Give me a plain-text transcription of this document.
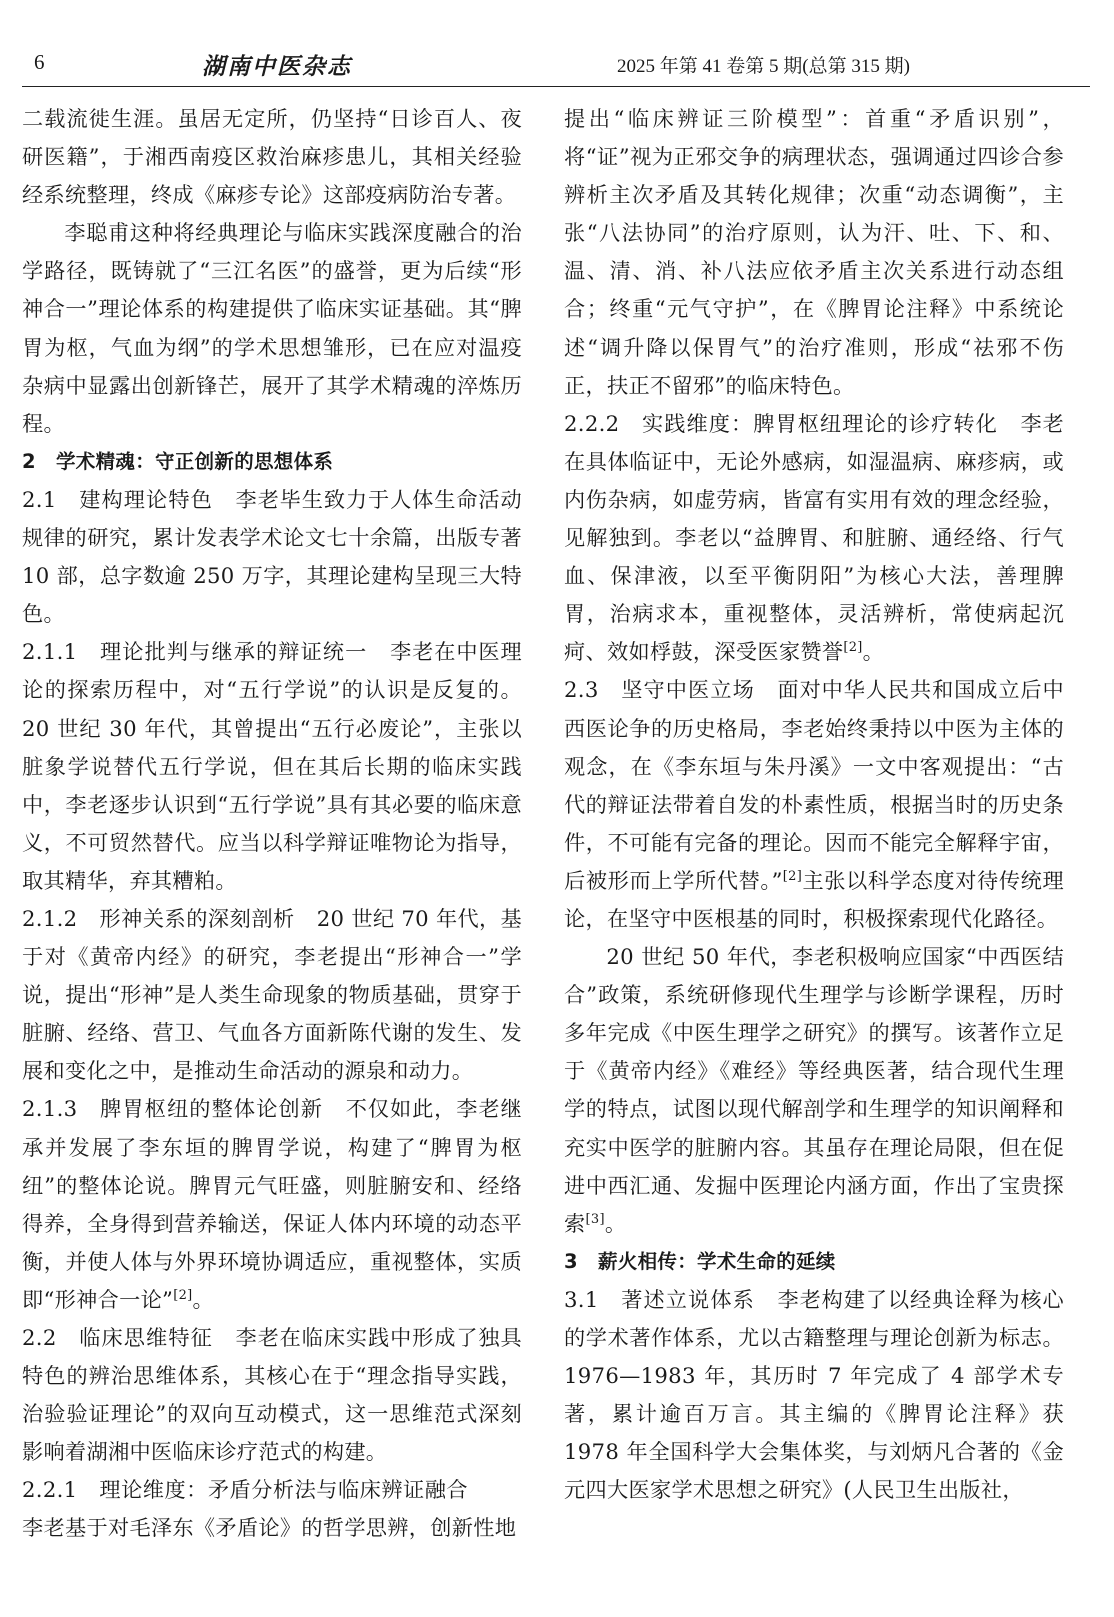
6	湖南中医杂志	2025 年第 41 卷第 5 期(总第 315 期)

二载流徙生涯。虽居无定所，仍坚持“日诊百人、夜研医籍”，于湘西南疫区救治麻疹患儿，其相关经验经系统整理，终成《麻疹专论》这部疫病防治专著。

李聪甫这种将经典理论与临床实践深度融合的治学路径，既铸就了“三江名医”的盛誉，更为后续“形神合一”理论体系的构建提供了临床实证基础。其“脾胃为枢，气血为纲”的学术思想雏形，已在应对温疫杂病中显露出创新锋芒，展开了其学术精魂的淬炼历程。

2 学术精魂：守正创新的思想体系

2.1 建构理论特色 李老毕生致力于人体生命活动规律的研究，累计发表学术论文七十余篇，出版专著 10 部，总字数逾 250 万字，其理论建构呈现三大特色。

2.1.1 理论批判与继承的辩证统一 李老在中医理论的探索历程中，对“五行学说”的认识是反复的。20 世纪 30 年代，其曾提出“五行必废论”，主张以脏象学说替代五行学说，但在其后长期的临床实践中，李老逐步认识到“五行学说”具有其必要的临床意义，不可贸然替代。应当以科学辩证唯物论为指导，取其精华，弃其糟粕。

2.1.2 形神关系的深刻剖析 20 世纪 70 年代，基于对《黄帝内经》的研究，李老提出“形神合一”学说，提出“形神”是人类生命现象的物质基础，贯穿于脏腑、经络、营卫、气血各方面新陈代谢的发生、发展和变化之中，是推动生命活动的源泉和动力。

2.1.3 脾胃枢纽的整体论创新 不仅如此，李老继承并发展了李东垣的脾胃学说，构建了“脾胃为枢纽”的整体论说。脾胃元气旺盛，则脏腑安和、经络得养，全身得到营养输送，保证人体内环境的动态平衡，并使人体与外界环境协调适应，重视整体，实质即“形神合一论”[2]。

2.2 临床思维特征 李老在临床实践中形成了独具特色的辨治思维体系，其核心在于“理念指导实践，治验验证理论”的双向互动模式，这一思维范式深刻影响着湖湘中医临床诊疗范式的构建。

2.2.1 理论维度：矛盾分析法与临床辨证融合

李老基于对毛泽东《矛盾论》的哲学思辨，创新性地

提出“临床辨证三阶模型”：首重“矛盾识别”，将“证”视为正邪交争的病理状态，强调通过四诊合参辨析主次矛盾及其转化规律；次重“动态调衡”，主张“八法协同”的治疗原则，认为汗、吐、下、和、温、清、消、补八法应依矛盾主次关系进行动态组合；终重“元气守护”，在《脾胃论注释》中系统论述“调升降以保胃气”的治疗准则，形成“祛邪不伤正，扶正不留邪”的临床特色。

2.2.2 实践维度：脾胃枢纽理论的诊疗转化 李老在具体临证中，无论外感病，如湿温病、麻疹病，或内伤杂病，如虚劳病，皆富有实用有效的理念经验，见解独到。李老以“益脾胃、和脏腑、通经络、行气血、保津液，以至平衡阴阳”为核心大法，善理脾胃，治病求本，重视整体，灵活辨析，常使病起沉疴、效如桴鼓，深受医家赞誉[2]。

2.3 坚守中医立场 面对中华人民共和国成立后中西医论争的历史格局，李老始终秉持以中医为主体的观念，在《李东垣与朱丹溪》一文中客观提出：“古代的辩证法带着自发的朴素性质，根据当时的历史条件，不可能有完备的理论。因而不能完全解释宇宙，后被形而上学所代替。”[2]主张以科学态度对待传统理论，在坚守中医根基的同时，积极探索现代化路径。

20 世纪 50 年代，李老积极响应国家“中西医结合”政策，系统研修现代生理学与诊断学课程，历时多年完成《中医生理学之研究》的撰写。该著作立足于《黄帝内经》《难经》等经典医著，结合现代生理学的特点，试图以现代解剖学和生理学的知识阐释和充实中医学的脏腑内容。其虽存在理论局限，但在促进中西汇通、发掘中医理论内涵方面，作出了宝贵探索[3]。

3 薪火相传：学术生命的延续

3.1 著述立说体系 李老构建了以经典诠释为核心的学术著作体系，尤以古籍整理与理论创新为标志。1976—1983 年，其历时 7 年完成了 4 部学术专著，累计逾百万言。其主编的《脾胃论注释》获 1978 年全国科学大会集体奖，与刘炳凡合著的《金元四大医家学术思想之研究》(人民卫生出版社，
